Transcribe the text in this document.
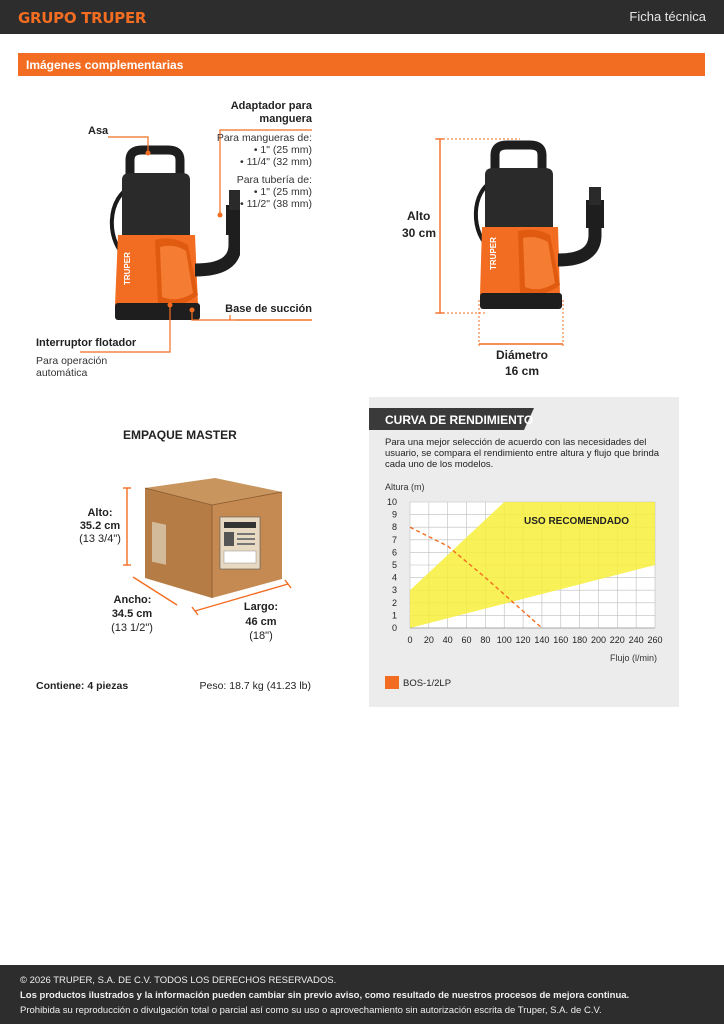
GRUPO TRUPER	Ficha técnica
Imágenes complementarias
TRUPER
Adaptador para manguera
Para mangueras de:
• 1" (25 mm)
• 11/4" (32 mm)
Para tubería de:
• 1" (25 mm)
• 11/2" (38 mm)
Asa
Base de succión
Interruptor flotador
Para operación
automática
TRUPER
Alto
30 cm
Diámetro
16 cm
EMPAQUE MASTER
Alto:
35.2 cm
(13 3/4")
Ancho:
34.5 cm
(13 1/2")
Largo:
46 cm
(18")
Contiene: 4 piezas	Peso: 18.7 kg (41.23 lb)
CURVA DE RENDIMIENTO
Para una mejor selección de acuerdo con las necesidades del usuario, se compara el rendimiento entre altura y flujo que brinda cada uno de los modelos.
0 20 40 60 80 100 120 140 160 180 200 220 240 260
0
1
2
3
4
5
6
7
8
9
10
Altura (m)
Flujo (l/min)
USO RECOMENDADO
BOS-1/2LP

© 2026 TRUPER, S.A. DE C.V. TODOS LOS DERECHOS RESERVADOS.

Los productos ilustrados y la información pueden cambiar sin previo aviso, como resultado de nuestros procesos de mejora continua.

Prohibida su reproducción o divulgación total o parcial así como su uso o aprovechamiento sin autorización escrita de Truper, S.A. de C.V.
